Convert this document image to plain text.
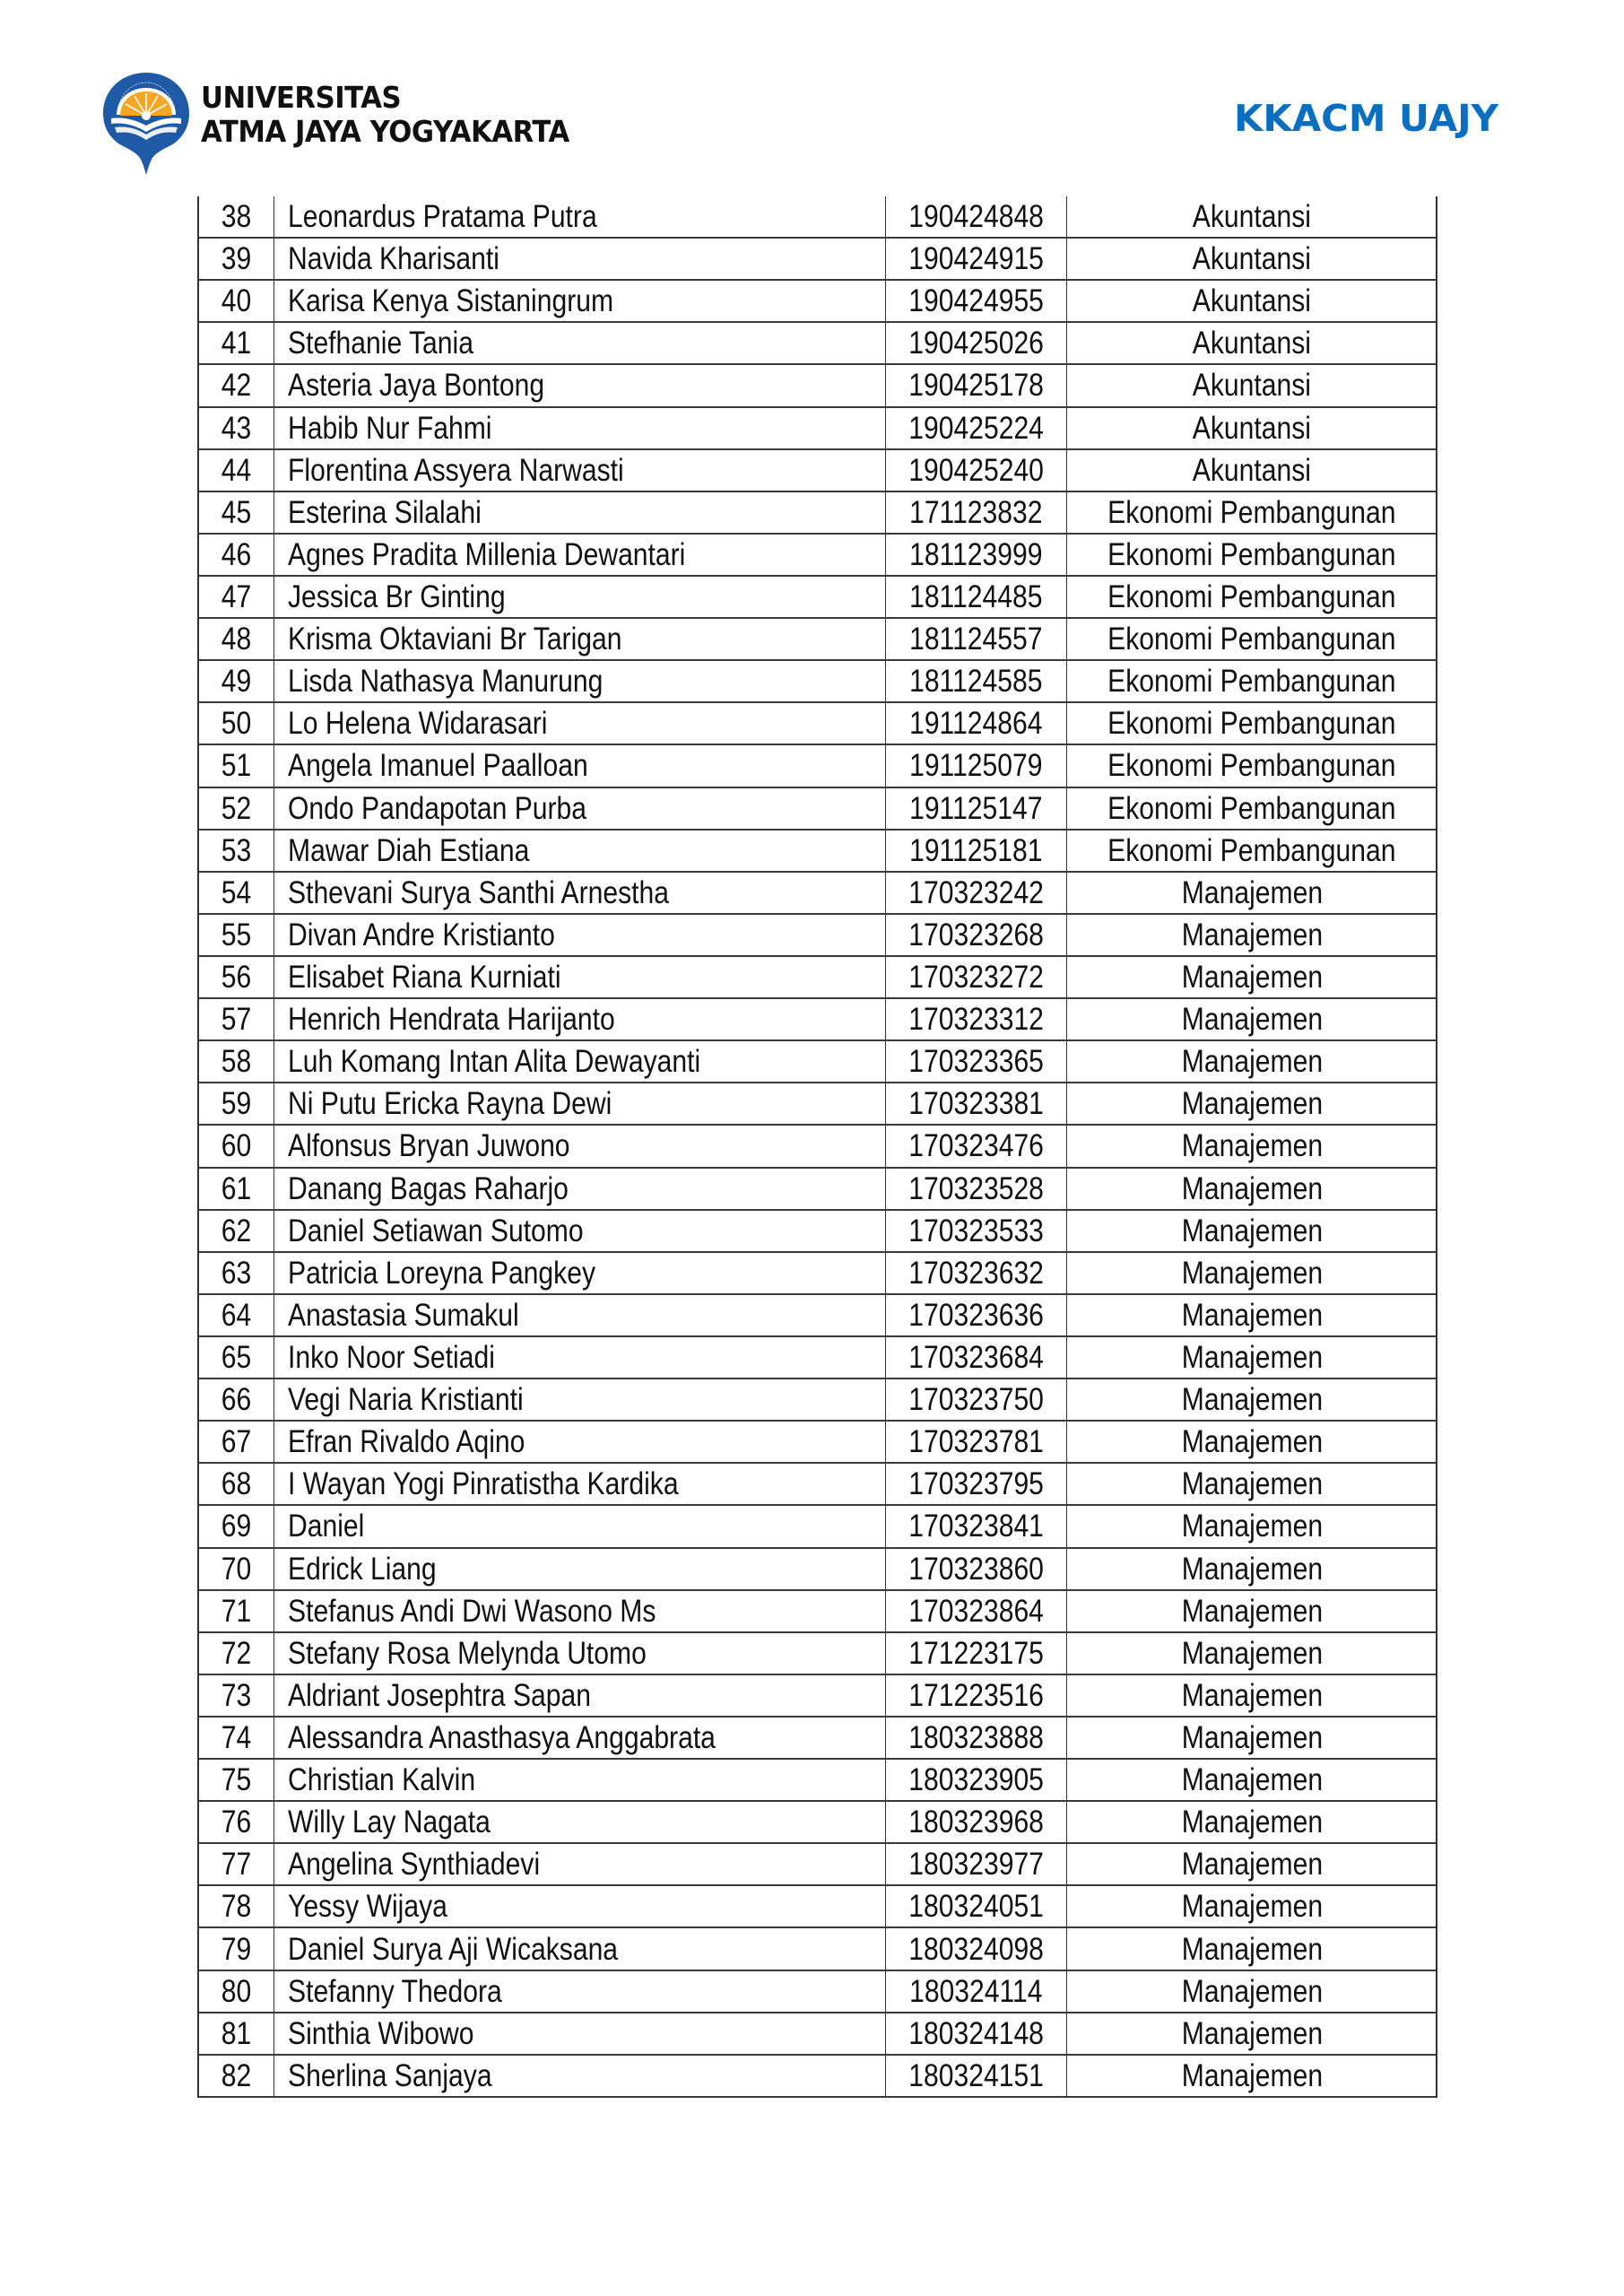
UNIVERSITAS
ATMA JAYA YOGYAKARTA	KKACM UAJY
38 Leonardus Pratama Putra	190424848	Akuntansi
39 Navida Kharisanti	190424915	Akuntansi
40 Karisa Kenya Sistaningrum	190424955	Akuntansi
41 Stefhanie Tania	190425026	Akuntansi
42 Asteria Jaya Bontong	190425178	Akuntansi
43 Habib Nur Fahmi	190425224	Akuntansi
44 Florentina Assyera Narwasti	190425240	Akuntansi
45 Esterina Silalahi	171123832 Ekonomi Pembangunan
46 Agnes Pradita Millenia Dewantari	181123999 Ekonomi Pembangunan
47 Jessica Br Ginting	181124485 Ekonomi Pembangunan
48 Krisma Oktaviani Br Tarigan	181124557 Ekonomi Pembangunan
49 Lisda Nathasya Manurung	181124585 Ekonomi Pembangunan
50 Lo Helena Widarasari	191124864 Ekonomi Pembangunan
51 Angela Imanuel Paalloan	191125079 Ekonomi Pembangunan
52 Ondo Pandapotan Purba	191125147 Ekonomi Pembangunan
53 Mawar Diah Estiana	191125181 Ekonomi Pembangunan
54 Sthevani Surya Santhi Arnestha	170323242	Manajemen
55 Divan Andre Kristianto	170323268	Manajemen
56 Elisabet Riana Kurniati	170323272	Manajemen
57 Henrich Hendrata Harijanto	170323312	Manajemen
58 Luh Komang Intan Alita Dewayanti	170323365	Manajemen
59 Ni Putu Ericka Rayna Dewi	170323381	Manajemen
60 Alfonsus Bryan Juwono	170323476	Manajemen
61 Danang Bagas Raharjo	170323528	Manajemen
62 Daniel Setiawan Sutomo	170323533	Manajemen
63 Patricia Loreyna Pangkey	170323632	Manajemen
64 Anastasia Sumakul	170323636	Manajemen
65 Inko Noor Setiadi	170323684	Manajemen
66 Vegi Naria Kristianti	170323750	Manajemen
67 Efran Rivaldo Aqino	170323781	Manajemen
68 I Wayan Yogi Pinratistha Kardika	170323795	Manajemen
69 Daniel	170323841	Manajemen
70 Edrick Liang	170323860	Manajemen
71 Stefanus Andi Dwi Wasono Ms	170323864	Manajemen
72 Stefany Rosa Melynda Utomo	171223175	Manajemen
73 Aldriant Josephtra Sapan	171223516	Manajemen
74 Alessandra Anasthasya Anggabrata	180323888	Manajemen
75 Christian Kalvin	180323905	Manajemen
76 Willy Lay Nagata	180323968	Manajemen
77 Angelina Synthiadevi	180323977	Manajemen
78 Yessy Wijaya	180324051	Manajemen
79 Daniel Surya Aji Wicaksana	180324098	Manajemen
80 Stefanny Thedora	180324114	Manajemen
81 Sinthia Wibowo	180324148	Manajemen
82 Sherlina Sanjaya	180324151	Manajemen
